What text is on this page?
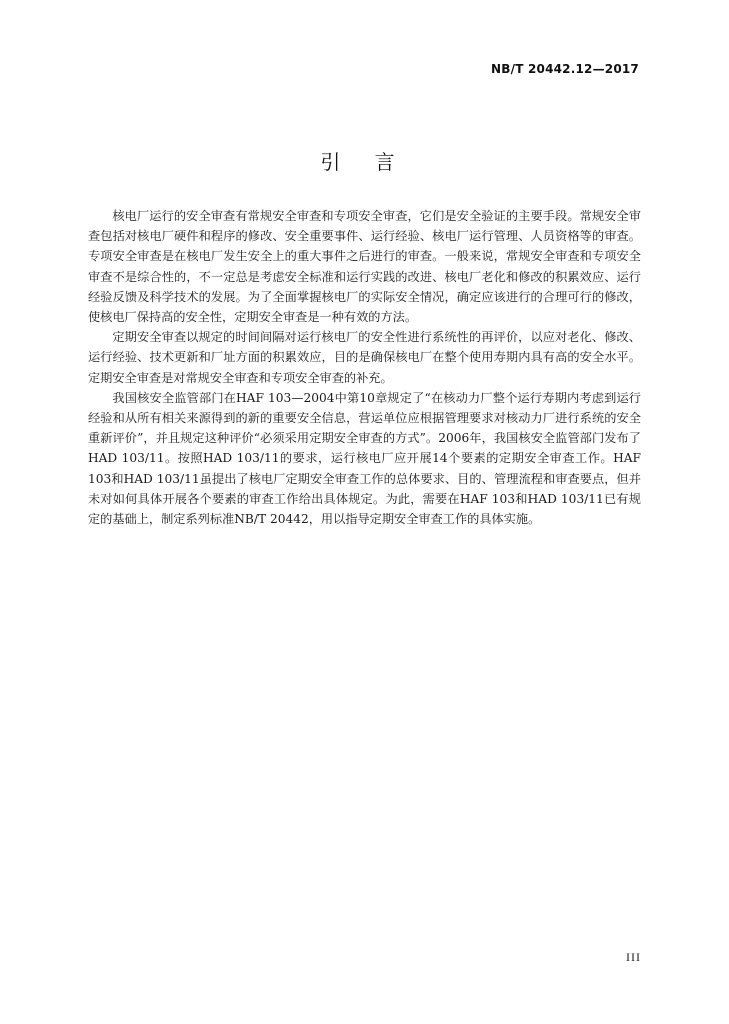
NB/T 20442.12—2017
引 言

核电厂运行的安全审查有常规安全审查和专项安全审查，它们是安全验证的主要手段。常规安全审查包括对核电厂硬件和程序的修改、安全重要事件、运行经验、核电厂运行管理、人员资格等的审查。专项安全审查是在核电厂发生安全上的重大事件之后进行的审查。一般来说，常规安全审查和专项安全审查不是综合性的，不一定总是考虑安全标准和运行实践的改进、核电厂老化和修改的积累效应、运行经验反馈及科学技术的发展。为了全面掌握核电厂的实际安全情况，确定应该进行的合理可行的修改，使核电厂保持高的安全性，定期安全审查是一种有效的方法。

定期安全审查以规定的时间间隔对运行核电厂的安全性进行系统性的再评价，以应对老化、修改、运行经验、技术更新和厂址方面的积累效应，目的是确保核电厂在整个使用寿期内具有高的安全水平。定期安全审查是对常规安全审查和专项安全审查的补充。

我国核安全监管部门在HAF 103—2004中第10章规定了“在核动力厂整个运行寿期内考虑到运行经验和从所有相关来源得到的新的重要安全信息，营运单位应根据管理要求对核动力厂进行系统的安全重新评价”，并且规定这种评价“必须采用定期安全审查的方式”。2006年，我国核安全监管部门发布了HAD 103/11。按照HAD 103/11的要求，运行核电厂应开展14个要素的定期安全审查工作。HAF 103和HAD 103/11虽提出了核电厂定期安全审查工作的总体要求、目的、管理流程和审查要点，但并未对如何具体开展各个要素的审查工作给出具体规定。为此，需要在HAF 103和HAD 103/11已有规定的基础上，制定系列标准NB/T 20442，用以指导定期安全审查工作的具体实施。

III
